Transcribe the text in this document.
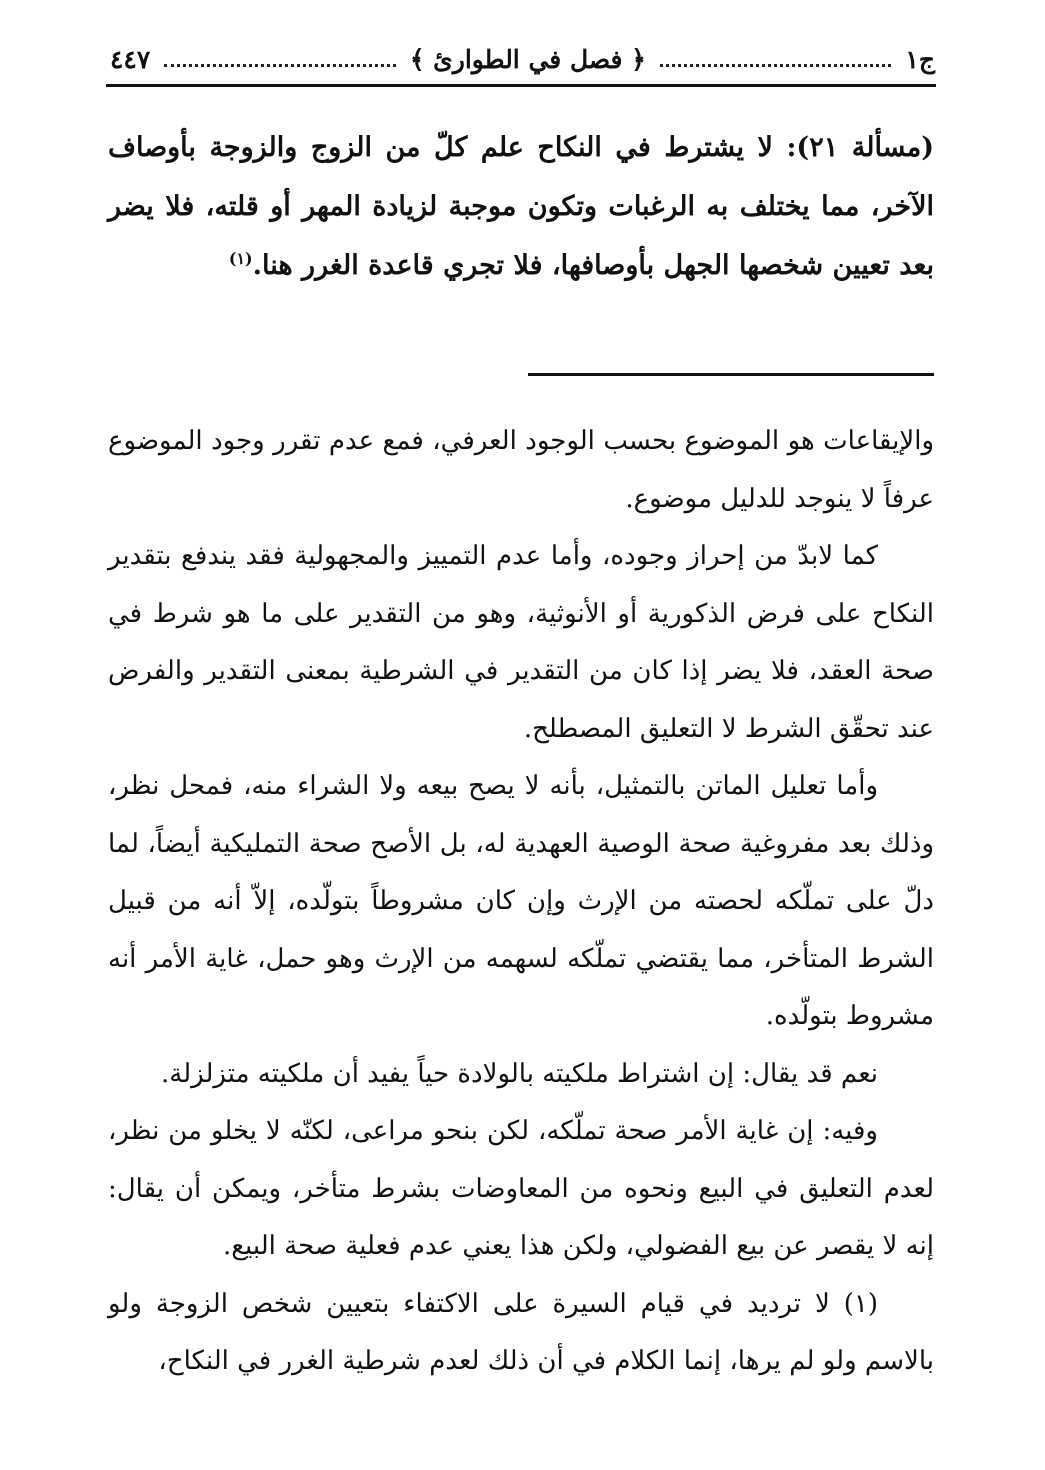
ج١
﴿ فصل في الطوارئ ﴾
٤٤٧
(مسألة ٢١): لا يشترط في النكاح علم كلّ من الزوج والزوجة بأوصاف الآخر، مما يختلف به الرغبات وتكون موجبة لزيادة المهر أو قلته، فلا يضر بعد تعيين شخصها الجهل بأوصافها، فلا تجري قاعدة الغرر هنا.$^{(١)}$

والإيقاعات هو الموضوع بحسب الوجود العرفي، فمع عدم تقرر وجود الموضوع عرفاً لا ينوجد للدليل موضوع.

كما لابدّ من إحراز وجوده، وأما عدم التمييز والمجهولية فقد يندفع بتقدير النكاح على فرض الذكورية أو الأنوثية، وهو من التقدير على ما هو شرط في صحة العقد، فلا يضر إذا كان من التقدير في الشرطية بمعنى التقدير والفرض عند تحقّق الشرط لا التعليق المصطلح.

وأما تعليل الماتن بالتمثيل، بأنه لا يصح بيعه ولا الشراء منه، فمحل نظر، وذلك بعد مفروغية صحة الوصية العهدية له، بل الأصح صحة التمليكية أيضاً، لما دلّ على تملّكه لحصته من الإرث وإن كان مشروطاً بتولّده، إلاّ أنه من قبيل الشرط المتأخر، مما يقتضي تملّكه لسهمه من الإرث وهو حمل، غاية الأمر أنه مشروط بتولّده.

نعم قد يقال: إن اشتراط ملكيته بالولادة حياً يفيد أن ملكيته متزلزلة.

وفيه: إن غاية الأمر صحة تملّكه، لكن بنحو مراعى، لكنّه لا يخلو من نظر، لعدم التعليق في البيع ونحوه من المعاوضات بشرط متأخر، ويمكن أن يقال: إنه لا يقصر عن بيع الفضولي، ولكن هذا يعني عدم فعلية صحة البيع.

(١) لا ترديد في قيام السيرة على الاكتفاء بتعيين شخص الزوجة ولو بالاسم ولو لم يرها، إنما الكلام في أن ذلك لعدم شرطية الغرر في النكاح،
